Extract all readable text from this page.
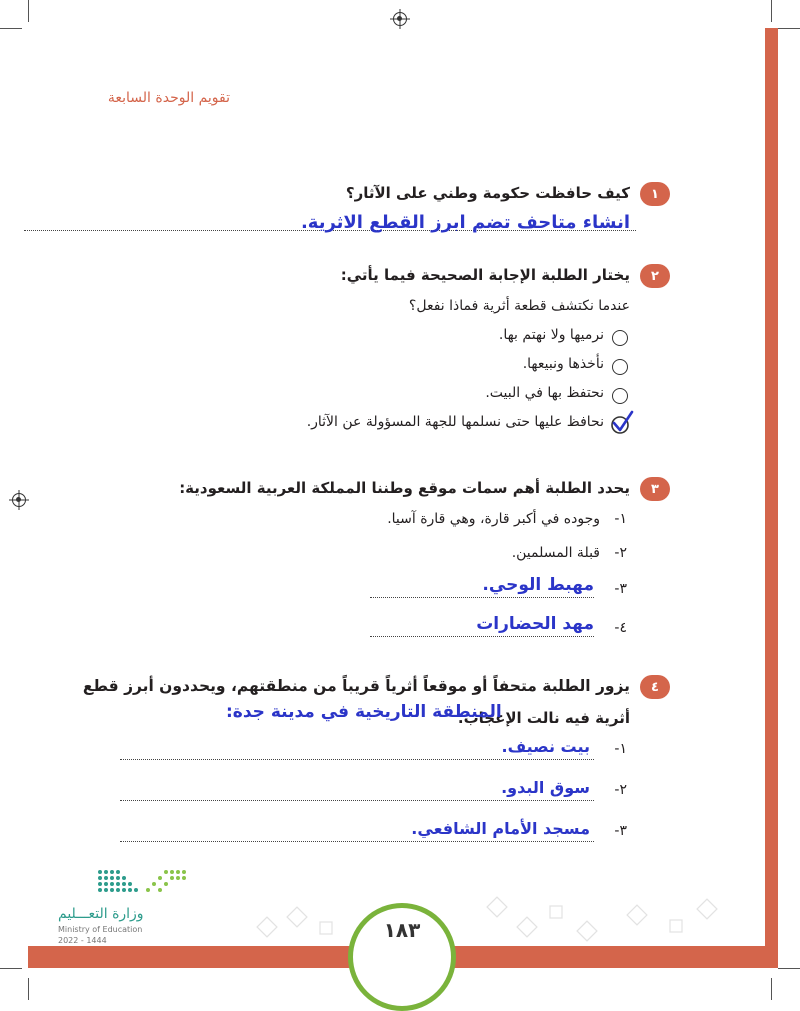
تقويم الوحدة السابعة
١
كيف حافظت حكومة وطني على الآثار؟
انشاء متاحف تضم ابرز القطع الاثرية.
٢
يختار الطلبة الإجابة الصحيحة فيما يأتي:
عندما نكتشف قطعة أثرية فماذا نفعل؟
نرميها ولا نهتم بها.
نأخذها ونبيعها.
نحتفظ بها في البيت.
نحافظ عليها حتى نسلمها للجهة المسؤولة عن الآثار.
٣
يحدد الطلبة أهم سمات موقع وطننا المملكة العربية السعودية:
١-
وجوده في أكبر قارة، وهي قارة آسيا.
٢-
قبلة المسلمين.
٣-
مهبط الوحي.
٤-
مهد الحضارات
٤
يزور الطلبة متحفاً أو موقعاً أثرياً قريباً من منطقتهم، ويحددون أبرز قطع
أثرية فيه نالت الإعجاب.
المنطقة التاريخية في مدينة جدة:
١-
بيت نصيف.
٢-
سوق البدو.
٣-
مسجد الأمام الشافعي.
١٨٣
وزارة التعـــليم
Ministry of Education
2022 - 1444
